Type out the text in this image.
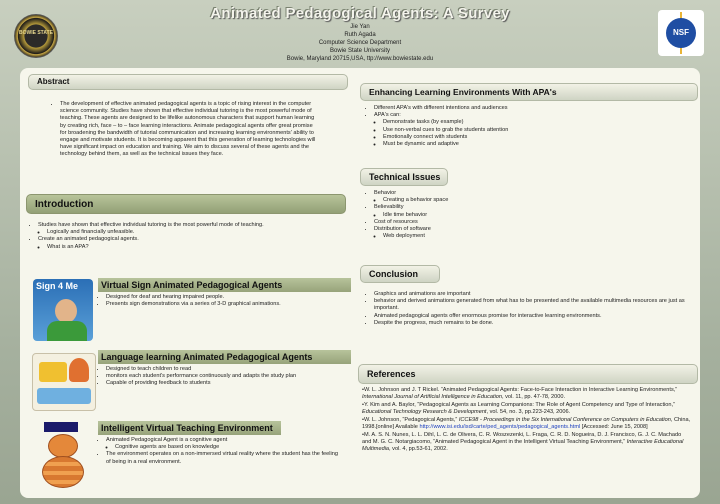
BOWIE STATE	NSF
Animated Pedagogical Agents: A Survey
Jie Yan
Ruth Agada
Computer Science Department
Bowie State University
Bowie, Maryland 20715,USA, ttp://www.bowiestate.edu
Abstract
• The development of effective animated pedagogical agents is a topic of rising interest in the computer science community. Studies have shown that effective individual tutoring is the most powerful mode of teaching. These agents are designed to be lifelike autonomous characters that support human learning by creating rich, face – to – face learning interactions. Animate pedagogical agents offer great promise for broadening the bandwidth of tutorial communication and increasing learning environments' ability to engage and motivate students. It is becoming apparent that this generation of learning technologies will have significant impact on education and training. We aim to discuss several of these agents and the technology behind them, as well as the technical issues they face.
Introduction
• Studies have shown that effective individual tutoring is the most powerful mode of teaching.
◦ Logically and financially unfeasible.
• Create an animated pedagogical agents.
◦ What is an APA?
Virtual Sign Animated Pedagogical Agents
Sign 4 Me
• Designed for deaf and hearing impaired people.
• Presents sign demonstrations via a series of 3-D graphical animations.
Language learning Animated Pedagogical Agents
• Designed to teach children to read
• monitors each student's performance continuously and adapts the study plan
• Capable of providing feedback to students
Intelligent Virtual Teaching Environment
• Animated Pedagogical Agent is a cognitive agent
◦ Cognitive agents are based on knowledge
• The environment operates on a non-immersed virtual reality where the student has the feeling of being in a real environment.
Enhancing Learning Environments With APA's
• Different APA's with different intentions and audiences
• APA's can:
◦ Demonstrate tasks (by example)
◦ Use non-verbal cues to grab the students attention
◦ Emotionally connect with students
◦ Must be dynamic and adaptive
Technical Issues
• Behavior
◦ Creating a behavior space
• Believability
◦ Idle time behavior
• Cost of resources
• Distribution of software
◦ Web deployment
Conclusion
• Graphics and animations are important
• behavior and derived animations generated from what has to be presented and the available multimedia resources are just as important.
• Animated pedagogical agents offer enormous promise for interactive learning environments.
• Despite the progress, much remains to be done.
References

•W. L. Johnson and J. T Rickel. “Animated Pedagogical Agents: Face-to-Face Interaction in Interactive Learning Environments,” International Journal of Artificial Intelligence in Education, vol. 11, pp. 47-78, 2000.

•Y. Kim and A. Baylor, “Pedagogical Agents as Learning Companions: The Role of Agent Competency and Type of Interaction,” Educational Technology Research & Development, vol. 54, no. 3, pp.223-243, 2006.

•W. L. Johnson, “Pedagogical Agents,” ICCE98 - Proceedings in the Six International Conference on Computers in Education, China, 1998.[online] Available http://www.isi.edu/isd/carte/ped_agents/pedagogical_agents.html [Accessed: June 15, 2008]

•M. A. S. N. Nunes, L. L. Dihl, L. C. de Olivera, C. R. Woszezenki, L. Fraga, C. R. D. Nogueira, D. J. Francisco, G. J. C. Machado and M. G. C. Notargiacomo, “Animated Pedagogical Agent in the Intelligent Virtual Teaching Environment,” Interactive Educational Multimedia, vol. 4, pp.53-61, 2002.
